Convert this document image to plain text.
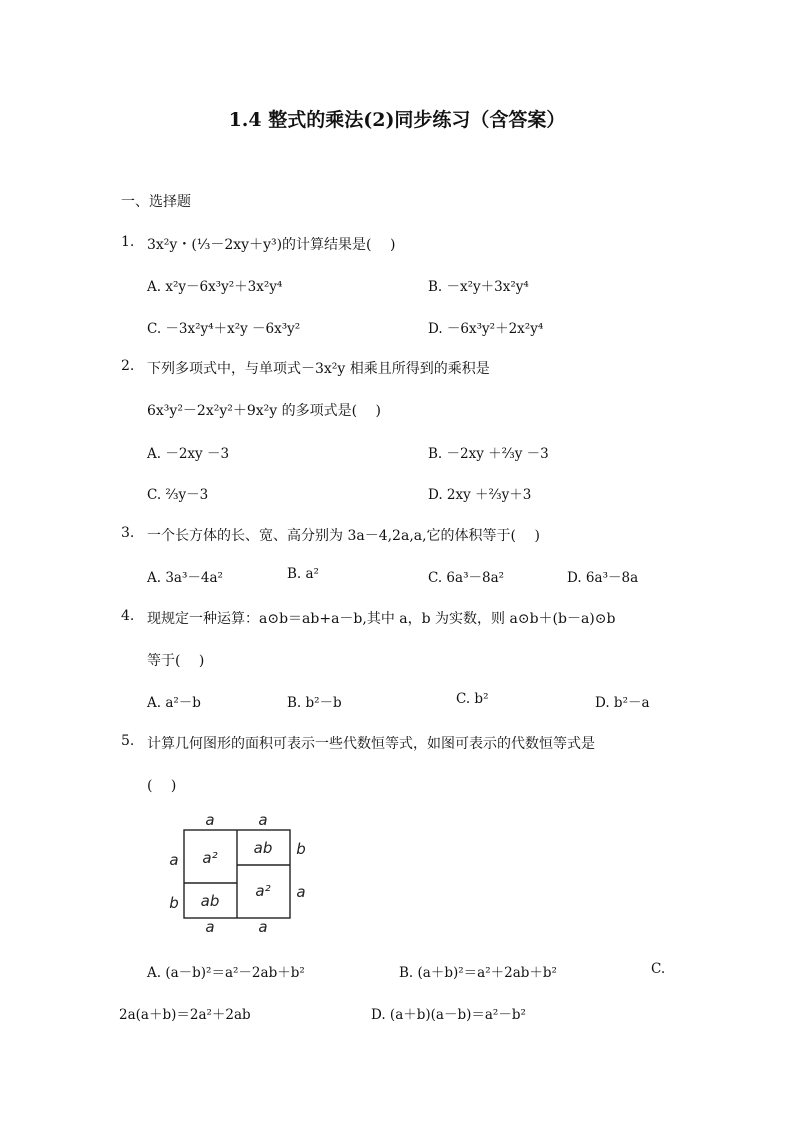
1.4 整式的乘法(2)同步练习（含答案）
一、选择题
1. 3x²y・(⅓－2xy＋y³)的计算结果是(　 )
A. x²y－6x³y²＋3x²y⁴	B. －x²y＋3x²y⁴
C. －3x²y⁴＋x²y －6x³y²	D. －6x³y²＋2x²y⁴
2. 下列多项式中，与单项式－3x²y 相乘且所得到的乘积是
6x³y²－2x²y²＋9x²y 的多项式是(　 )
A. －2xy －3	B. －2xy ＋⅔y －3
C. ⅔y－3	D. 2xy ＋⅔y＋3
3. 一个长方体的长、宽、高分别为 3a－4,2a,a,它的体积等于(　 )
A. 3a³－4a²	B. a²	C. 6a³－8a²	D. 6a³－8a
4. 现规定一种运算：a⊙b＝ab+a－b,其中 a，b 为实数，则 a⊙b＋(b－a)⊙b
等于(　 )
A. a²－b	B. b²－b	C. b²	D. b²－a
5. 计算几何图形的面积可表示一些代数恒等式，如图可表示的代数恒等式是
(　 )
a	a
a	a
a
b
b
a
a²
ab
ab
a²
A. (a－b)²＝a²－2ab＋b²	B. (a＋b)²＝a²＋2ab＋b²	C.
2a(a＋b)＝2a²＋2ab	D. (a＋b)(a－b)＝a²－b²
